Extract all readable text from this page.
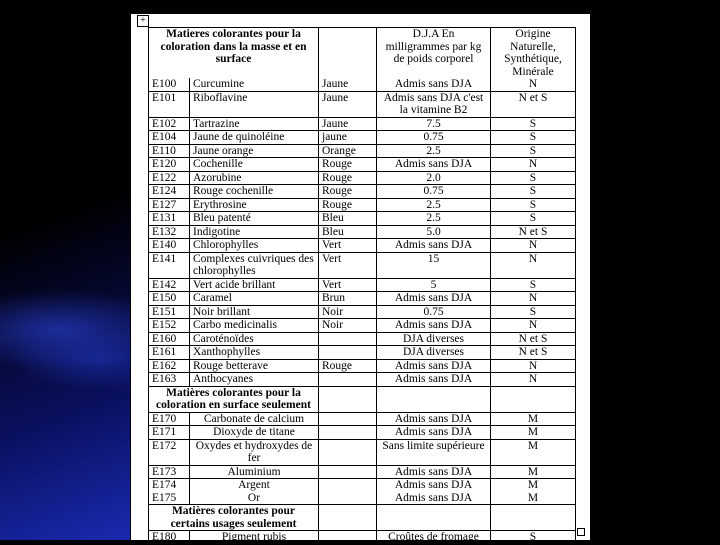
+
Matieres colorantes pour la coloration dans la masse et en surface			D.J.A En milligrammes par kg de poids corporel	Origine Naturelle, Synthétique, Minérale
E100	Curcumine	Jaune	Admis sans DJA	N
E101	Riboflavine	Jaune	Admis sans DJA c'est la vitamine B2	N et S
E102	Tartrazine	Jaune	7.5	S
E104	Jaune de quinoléine	jaune	0.75	S
E110	Jaune orange	Orange	2.5	S
E120	Cochenille	Rouge	Admis sans DJA	N
E122	Azorubine	Rouge	2.0	S
E124	Rouge cochenille	Rouge	0.75	S
E127	Erythrosine	Rouge	2.5	S
E131	Bleu patenté	Bleu	2.5	S
E132	Indigotine	Bleu	5.0	N et S
E140	Chlorophylles	Vert	Admis sans DJA	N
E141	Complexes cuivriques des chlorophylles	Vert	15	N
E142	Vert acide brillant	Vert	5	S
E150	Caramel	Brun	Admis sans DJA	N
E151	Noir brillant	Noir	0.75	S
E152	Carbo medicinalis	Noir	Admis sans DJA	N
E160	Caroténoïdes		DJA diverses	N et S
E161	Xanthophylles		DJA diverses	N et S
E162	Rouge betterave	Rouge	Admis sans DJA	N
E163	Anthocyanes		Admis sans DJA	N
Matières colorantes pour la coloration en surface seulement				
E170	Carbonate de calcium		Admis sans DJA	M
E171	Dioxyde de titane		Admis sans DJA	M
E172	Oxydes et hydroxydes de fer		Sans limite supérieure	M
E173	Aluminium		Admis sans DJA	M
E174	Argent		Admis sans DJA	M
E175	Or		Admis sans DJA	M
Matières colorantes pour certains usages seulement				
E180	Pigment rubis		Croûtes de fromage	S
